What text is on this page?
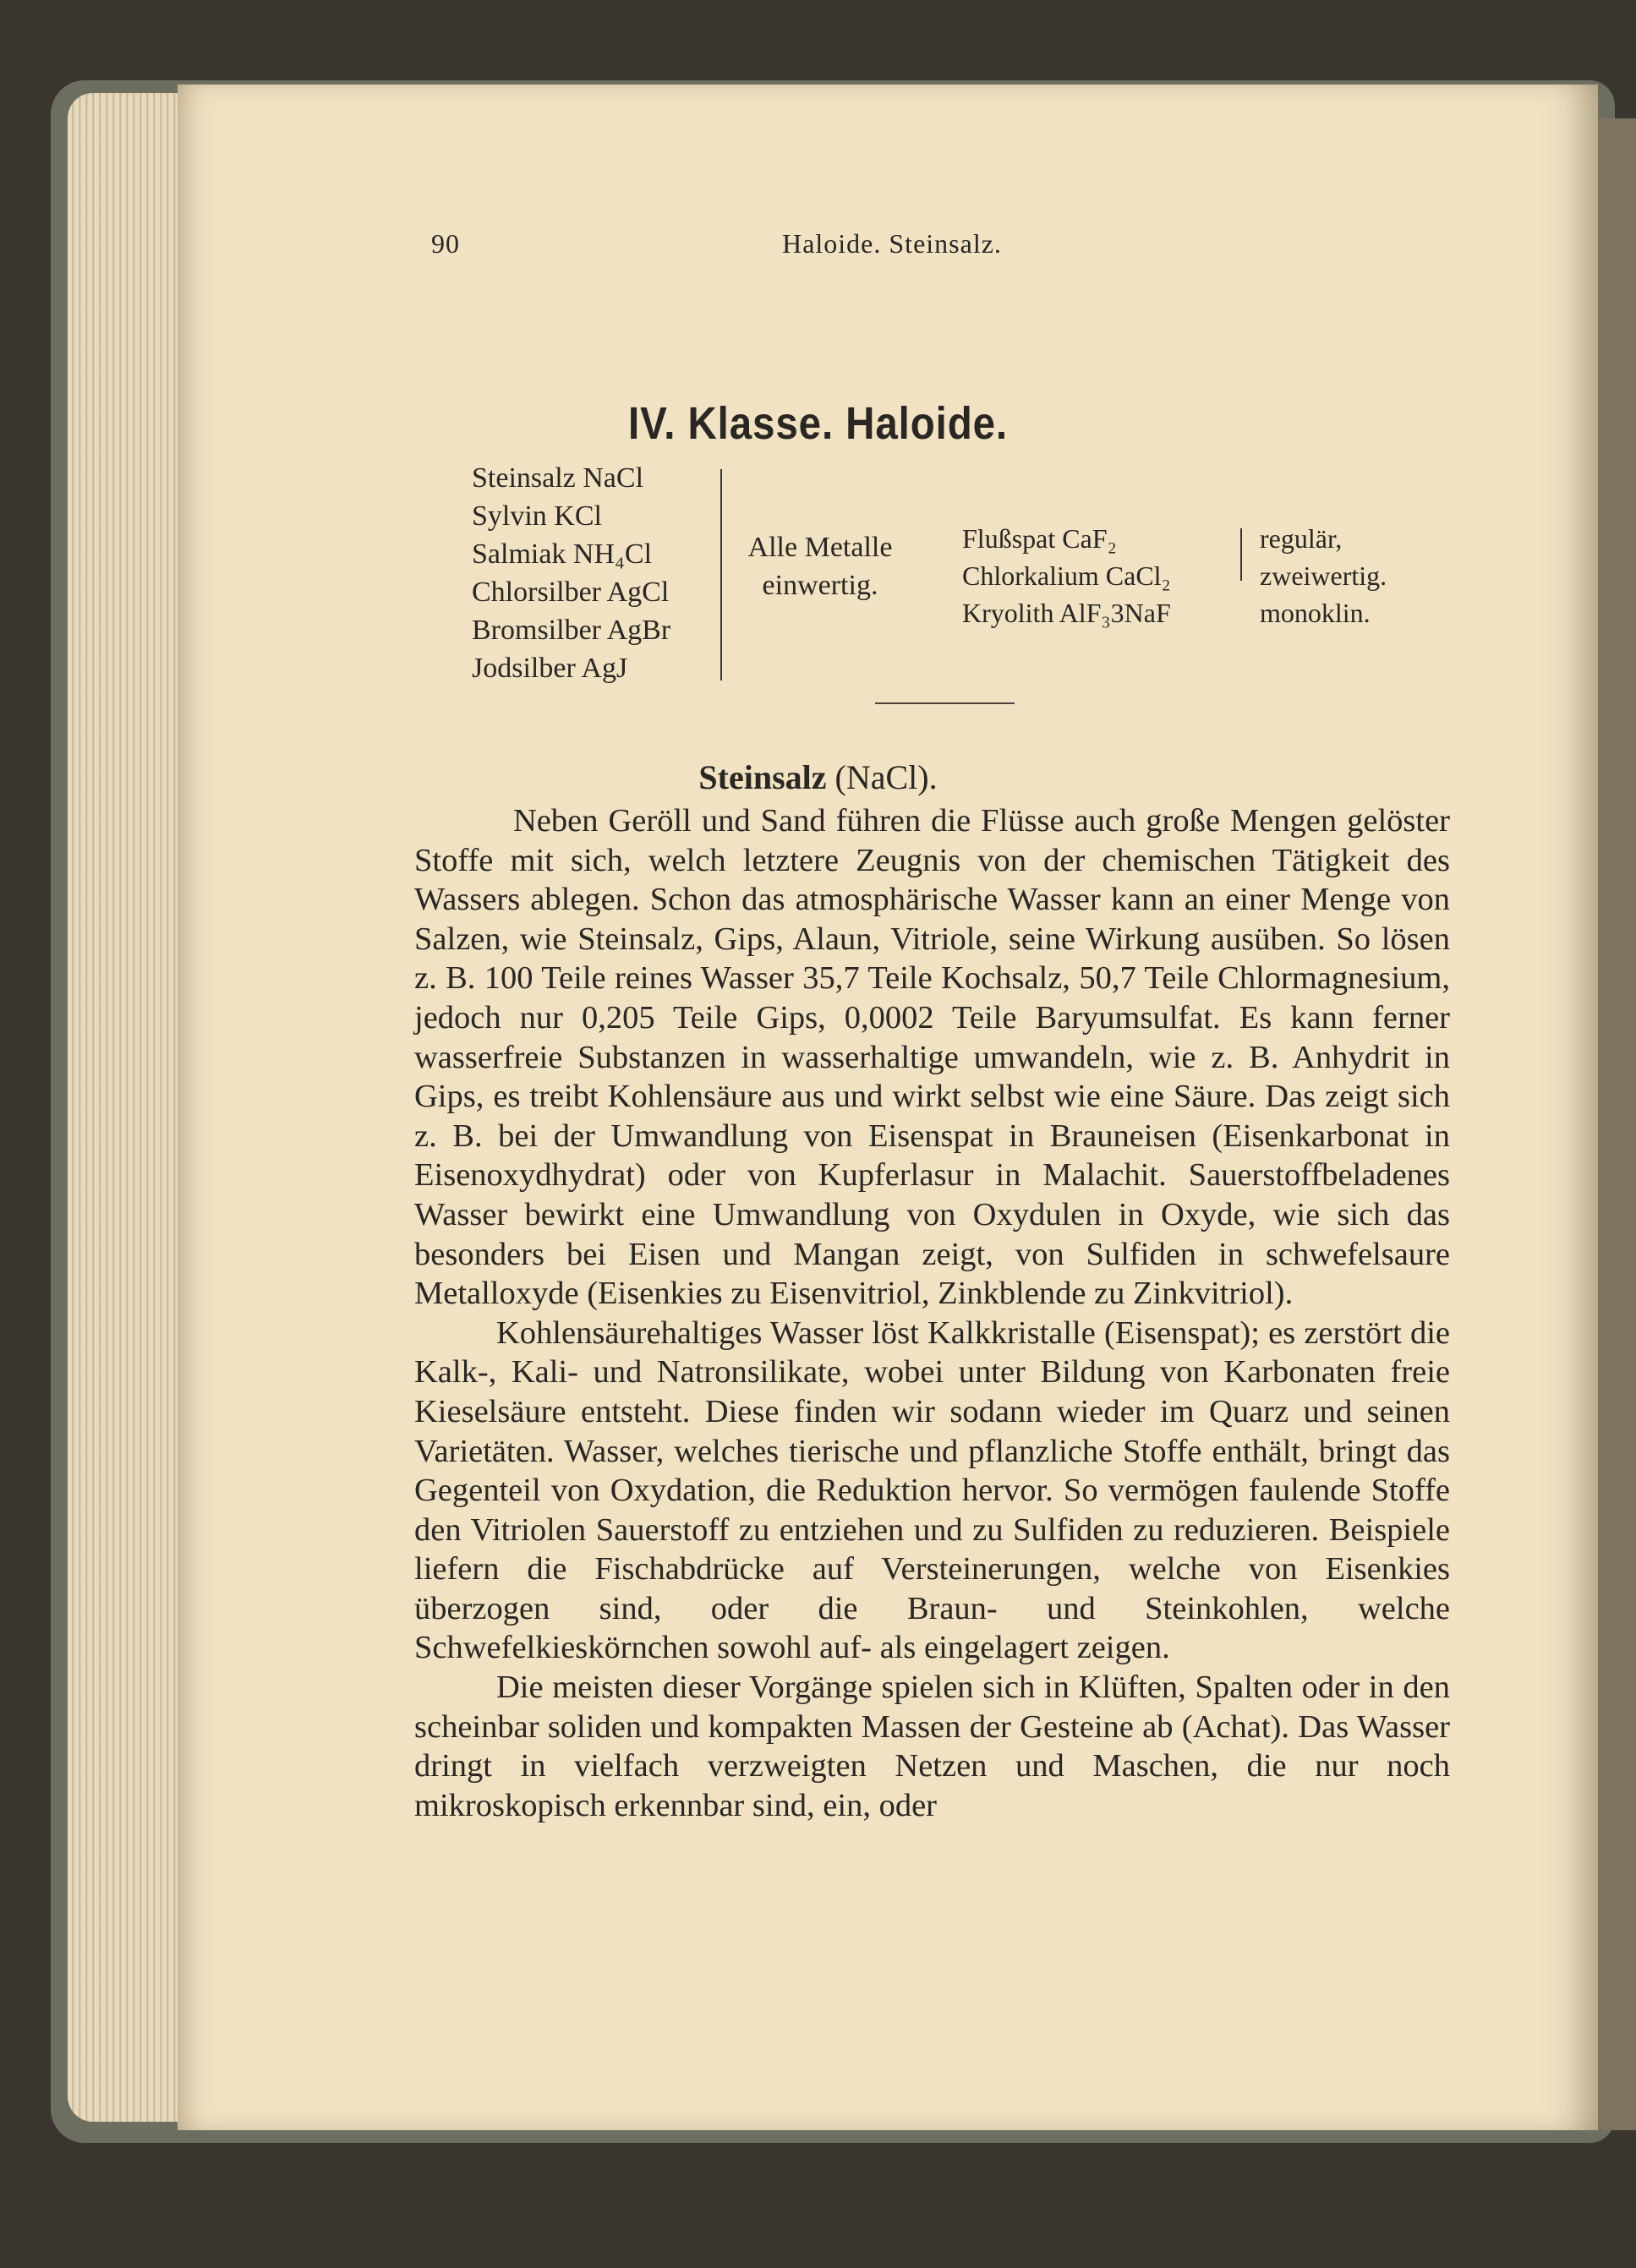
90	Haloide. Steinsalz.
IV. Klasse. Haloide.
Steinsalz NaCl
Sylvin KCl
Salmiak NH₄Cl
Chlorsilber AgCl
Bromsilber AgBr
Jodsilber AgJ
Alle Metalle
einwertig.
Flußspat CaF₂
Chlorkalium CaCl₂
Kryolith AlF₃3NaF
regulär,
zweiwertig.
monoklin.
Steinsalz (NaCl).

Neben Geröll und Sand führen die Flüsse auch große Mengen gelöster Stoffe mit sich, welch letztere Zeugnis von der chemischen Tätigkeit des Wassers ablegen. Schon das atmosphärische Wasser kann an einer Menge von Salzen, wie Steinsalz, Gips, Alaun, Vitriole, seine Wirkung ausüben. So lösen z. B. 100 Teile reines Wasser 35,7 Teile Kochsalz, 50,7 Teile Chlormagnesium, jedoch nur 0,205 Teile Gips, 0,0002 Teile Baryumsulfat. Es kann ferner wasserfreie Substanzen in wasserhaltige umwandeln, wie z. B. Anhydrit in Gips, es treibt Kohlensäure aus und wirkt selbst wie eine Säure. Das zeigt sich z. B. bei der Umwandlung von Eisenspat in Brauneisen (Eisenkarbonat in Eisenoxydhydrat) oder von Kupferlasur in Malachit. Sauerstoffbeladenes Wasser bewirkt eine Umwandlung von Oxydulen in Oxyde, wie sich das besonders bei Eisen und Mangan zeigt, von Sulfiden in schwefelsaure Metalloxyde (Eisenkies zu Eisenvitriol, Zinkblende zu Zinkvitriol).

Kohlensäurehaltiges Wasser löst Kalkkristalle (Eisenspat); es zerstört die Kalk-, Kali- und Natronsilikate, wobei unter Bildung von Karbonaten freie Kieselsäure entsteht. Diese finden wir sodann wieder im Quarz und seinen Varietäten. Wasser, welches tierische und pflanzliche Stoffe enthält, bringt das Gegenteil von Oxydation, die Reduktion hervor. So vermögen faulende Stoffe den Vitriolen Sauerstoff zu entziehen und zu Sulfiden zu reduzieren. Beispiele liefern die Fischabdrücke auf Versteinerungen, welche von Eisenkies überzogen sind, oder die Braun- und Steinkohlen, welche Schwefelkieskörnchen sowohl auf- als eingelagert zeigen.

Die meisten dieser Vorgänge spielen sich in Klüften, Spalten oder in den scheinbar soliden und kompakten Massen der Gesteine ab (Achat). Das Wasser dringt in vielfach verzweigten Netzen und Maschen, die nur noch mikroskopisch erkennbar sind, ein, oder
